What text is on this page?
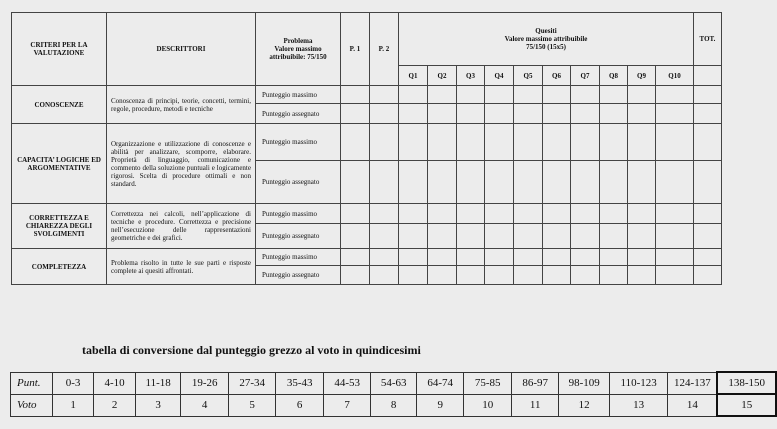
CRITERI PER LA VALUTAZIONE	DESCRITTORI	Problema
Valore massimo
attribuibile: 75/150	P. 1	P. 2	Quesiti
Valore massimo attribuibile
75/150 (15x5)										TOT.
					Q1	Q2	Q3	Q4	Q5	Q6	Q7	Q8	Q9	Q10	
CONOSCENZE	Conoscenza di principi, teorie, concetti, termini, regole, procedure, metodi e tecniche	Punteggio massimo													
		Punteggio assegnato													
CAPACITA’ LOGICHE ED ARGOMENTATIVE	Organizzazione e utilizzazione di conoscenze e abilità per analizzare, scomporre, elaborare. Proprietà di linguaggio, comunicazione e commento della soluzione puntuali e logicamente rigorosi. Scelta di procedure ottimali e non standard.	Punteggio massimo													
		Punteggio assegnato													
CORRETTEZZA E CHIAREZZA DEGLI SVOLGIMENTI	Correttezza nei calcoli, nell’applicazione di tecniche e procedure. Correttezza e precisione nell’esecuzione delle rappresentazioni geometriche e dei grafici.	Punteggio massimo													
		Punteggio assegnato													
COMPLETEZZA	Problema risolto in tutte le sue parti e risposte complete ai quesiti affrontati.	Punteggio massimo													
		Punteggio assegnato													
tabella di conversione dal punteggio grezzo al voto in quindicesimi
Punt.	0-3	4-10	11-18	19-26	27-34	35-43	44-53	54-63	64-74	75-85	86-97	98-109	110-123	124-137	138-150
Voto	1	2	3	4	5	6	7	8	9	10	11	12	13	14	15
